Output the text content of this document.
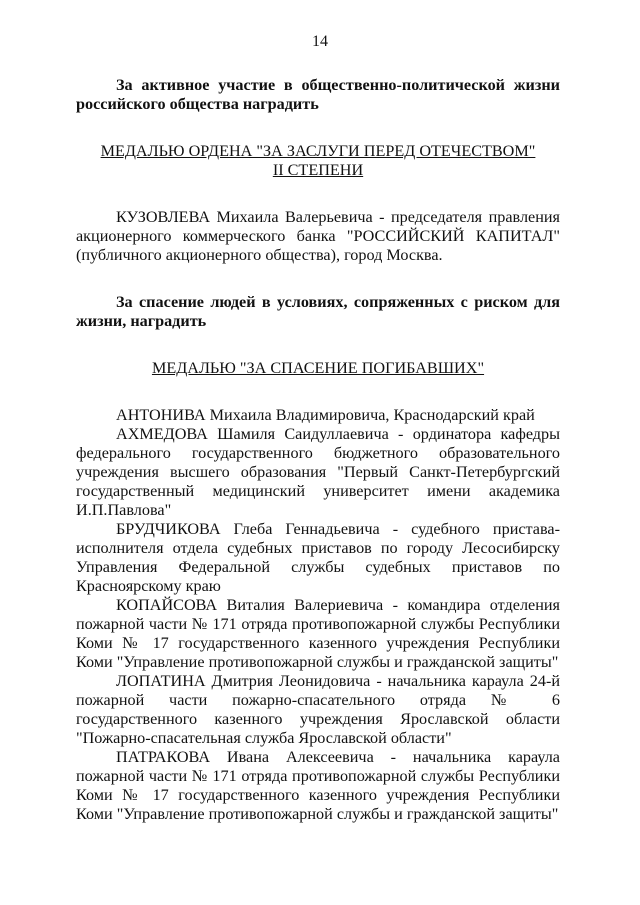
14

За активное участие в общественно-политической жизни российского общества наградить

МЕДАЛЬЮ ОРДЕНА "ЗА ЗАСЛУГИ ПЕРЕД ОТЕЧЕСТВОМ"

II СТЕПЕНИ

КУЗОВЛЕВА Михаила Валерьевича - председателя правления акционерного коммерческого банка "РОССИЙСКИЙ КАПИТАЛ" (публичного акционерного общества), город Москва.

За спасение людей в условиях, сопряженных с риском для жизни, наградить

МЕДАЛЬЮ "ЗА СПАСЕНИЕ ПОГИБАВШИХ"

АНТОНИВА Михаила Владимировича, Краснодарский край

АХМЕДОВА Шамиля Саидуллаевича - ординатора кафедры федерального государственного бюджетного образовательного учреждения высшего образования "Первый Санкт-Петербургский государственный медицинский университет имени академика И.П.Павлова"

БРУДЧИКОВА Глеба Геннадьевича - судебного пристава-исполнителя отдела судебных приставов по городу Лесосибирску Управления Федеральной службы судебных приставов по Красноярскому краю

КОПАЙСОВА Виталия Валериевича - командира отделения пожарной части № 171 отряда противопожарной службы Республики Коми № 17 государственного казенного учреждения Республики Коми "Управление противопожарной службы и гражданской защиты"

ЛОПАТИНА Дмитрия Леонидовича - начальника караула 24-й пожарной части пожарно-спасательного отряда № 6 государственного казенного учреждения Ярославской области "Пожарно-спасательная служба Ярославской области"

ПАТРАКОВА Ивана Алексеевича - начальника караула пожарной части № 171 отряда противопожарной службы Республики Коми № 17 государственного казенного учреждения Республики Коми "Управление противопожарной службы и гражданской защиты"
